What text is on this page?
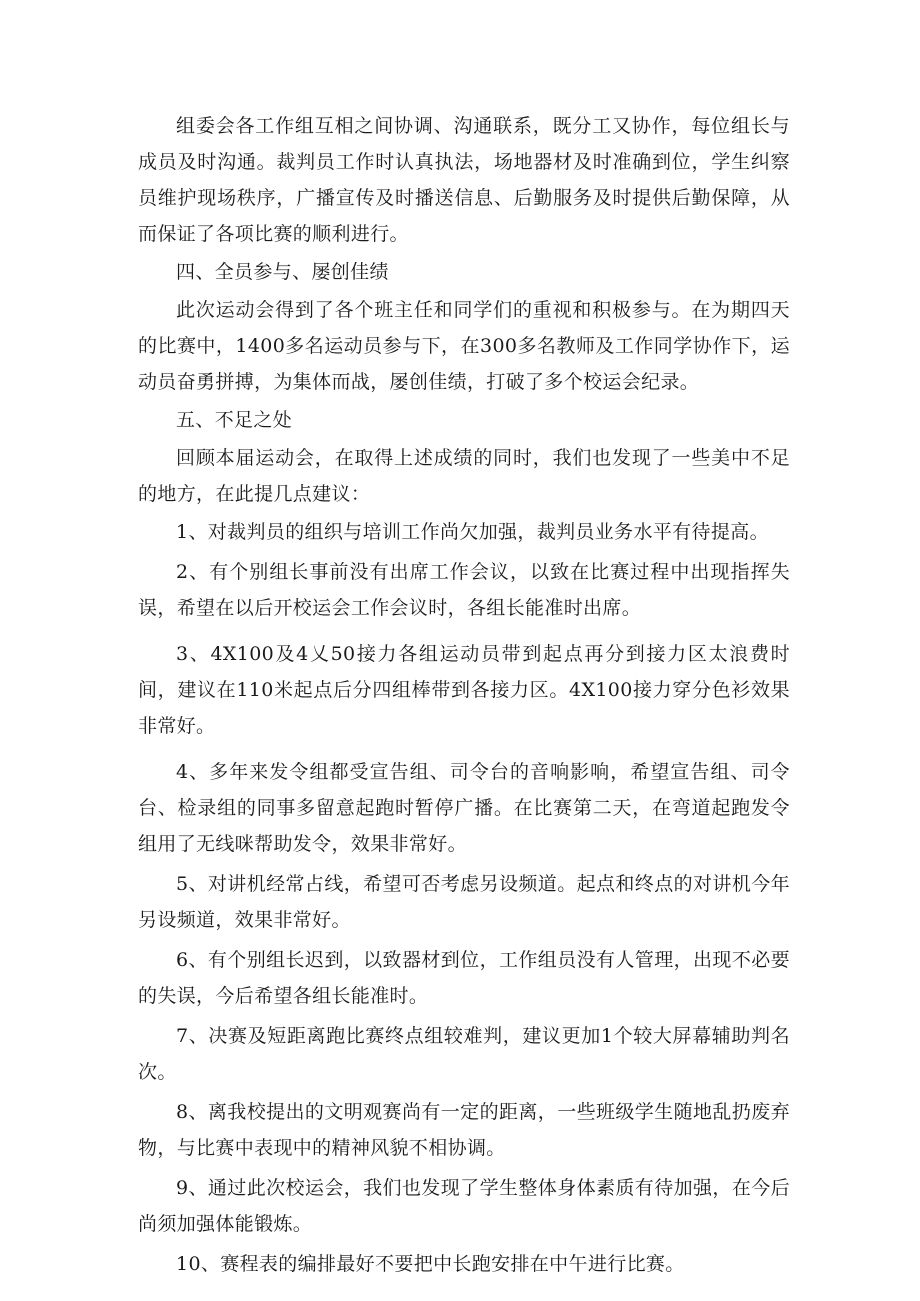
组委会各工作组互相之间协调、沟通联系，既分工又协作，每位组长与成员及时沟通。裁判员工作时认真执法，场地器材及时准确到位，学生纠察员维护现场秩序，广播宣传及时播送信息、后勤服务及时提供后勤保障，从而保证了各项比赛的顺利进行。

四、全员参与、屡创佳绩

此次运动会得到了各个班主任和同学们的重视和积极参与。在为期四天的比赛中，1400多名运动员参与下，在300多名教师及工作同学协作下，运动员奋勇拼搏，为集体而战，屡创佳绩，打破了多个校运会纪录。

五、不足之处

回顾本届运动会，在取得上述成绩的同时，我们也发现了一些美中不足的地方，在此提几点建议：

1、对裁判员的组织与培训工作尚欠加强，裁判员业务水平有待提高。

2、有个别组长事前没有出席工作会议，以致在比赛过程中出现指挥失误，希望在以后开校运会工作会议时，各组长能准时出席。

3、4X100及4乂50接力各组运动员带到起点再分到接力区太浪费时间，建议在110米起点后分四组棒带到各接力区。4X100接力穿分色衫效果非常好。

4、多年来发令组都受宣告组、司令台的音响影响，希望宣告组、司令台、检录组的同事多留意起跑时暂停广播。在比赛第二天，在弯道起跑发令组用了无线咪帮助发令，效果非常好。

5、对讲机经常占线，希望可否考虑另设频道。起点和终点的对讲机今年另设频道，效果非常好。

6、有个别组长迟到，以致器材到位，工作组员没有人管理，出现不必要的失误，今后希望各组长能准时。

7、决赛及短距离跑比赛终点组较难判，建议更加1个较大屏幕辅助判名次。

8、离我校提出的文明观赛尚有一定的距离，一些班级学生随地乱扔废弃物，与比赛中表现中的精神风貌不相协调。

9、通过此次校运会，我们也发现了学生整体身体素质有待加强，在今后尚须加强体能锻炼。

10、赛程表的编排最好不要把中长跑安排在中午进行比赛。
